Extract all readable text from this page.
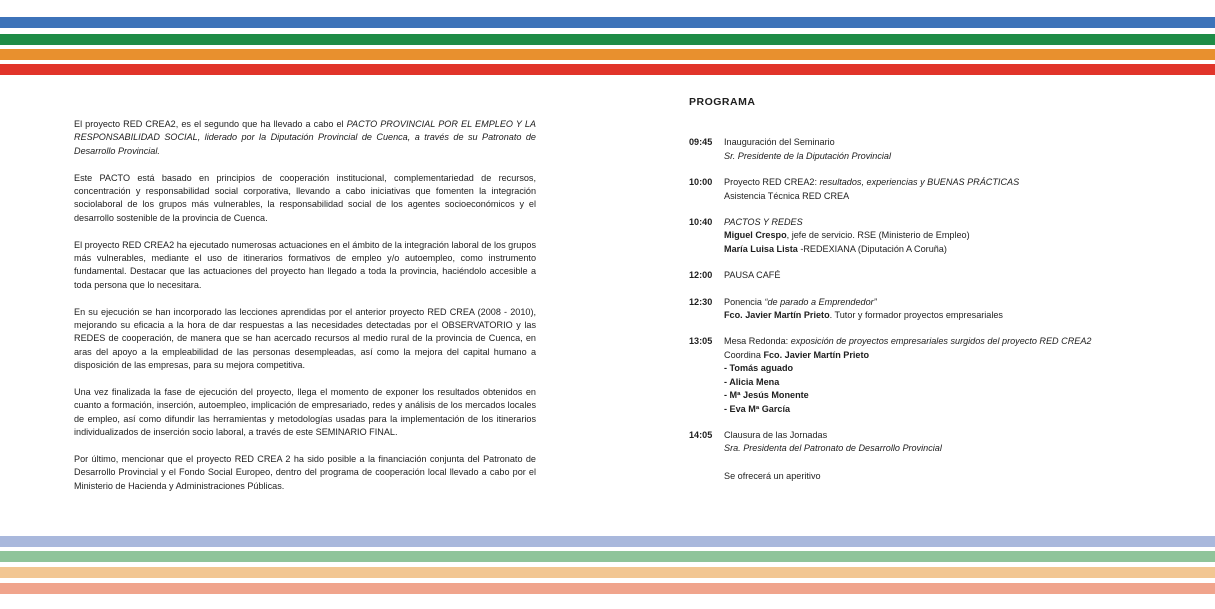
El proyecto RED CREA2, es el segundo que ha llevado a cabo el PACTO PROVINCIAL POR EL EMPLEO Y LA RESPONSABILIDAD SOCIAL, liderado por la Diputación Provincial de Cuenca, a través de su Patronato de Desarrollo Provincial.

Este PACTO está basado en principios de cooperación institucional, complementariedad de recursos, concentración y responsabilidad social corporativa, llevando a cabo iniciativas que fomenten la integración sociolaboral de los grupos más vulnerables, la responsabilidad social de los agentes socioeconómicos y el desarrollo sostenible de la provincia de Cuenca.

El proyecto RED CREA2 ha ejecutado numerosas actuaciones en el ámbito de la integración laboral de los grupos más vulnerables, mediante el uso de itinerarios formativos de empleo y/o autoempleo, como instrumento fundamental. Destacar que las actuaciones del proyecto han llegado a toda la provincia, haciéndolo accesible a toda persona que lo necesitara.

En su ejecución se han incorporado las lecciones aprendidas por el anterior proyecto RED CREA (2008 - 2010), mejorando su eficacia a la hora de dar respuestas a las necesidades detectadas por el OBSERVATORIO y las REDES de cooperación, de manera que se han acercado recursos al medio rural de la provincia de Cuenca, en aras del apoyo a la empleabilidad de las personas desempleadas, así como la mejora del capital humano a disposición de las empresas, para su mejora competitiva.

Una vez finalizada la fase de ejecución del proyecto, llega el momento de exponer los resultados obtenidos en cuanto a formación, inserción, autoempleo, implicación de empresariado, redes y análisis de los mercados locales de empleo, así como difundir las herramientas y metodologías usadas para la implementación de los itinerarios individualizados de inserción socio laboral, a través de este SEMINARIO FINAL.

Por último, mencionar que el proyecto RED CREA 2 ha sido posible a la financiación conjunta del Patronato de Desarrollo Provincial y el Fondo Social Europeo, dentro del programa de cooperación local llevado a cabo por el Ministerio de Hacienda y Administraciones Públicas.

PROGRAMA
09:45	Inauguración del Seminario
Sr. Presidente de la Diputación Provincial
10:00	Proyecto RED CREA2: resultados, experiencias y BUENAS PRÁCTICAS
Asistencia Técnica RED CREA
10:40	PACTOS Y REDES
Miguel Crespo, jefe de servicio. RSE (Ministerio de Empleo)
María Luisa Lista -REDEXIANA (Diputación A Coruña)
12:00	PAUSA CAFÉ
12:30	Ponencia “de parado a Emprendedor”
Fco. Javier Martín Prieto. Tutor y formador proyectos empresariales
13:05	Mesa Redonda: exposición de proyectos empresariales surgidos del proyecto RED CREA2
Coordina Fco. Javier Martín Prieto
- Tomás aguado
- Alicia Mena
- Mª Jesús Monente
- Eva Mª García
14:05	Clausura de las Jornadas
Sra. Presidenta del Patronato de Desarrollo Provincial
Se ofrecerá un aperitivo
